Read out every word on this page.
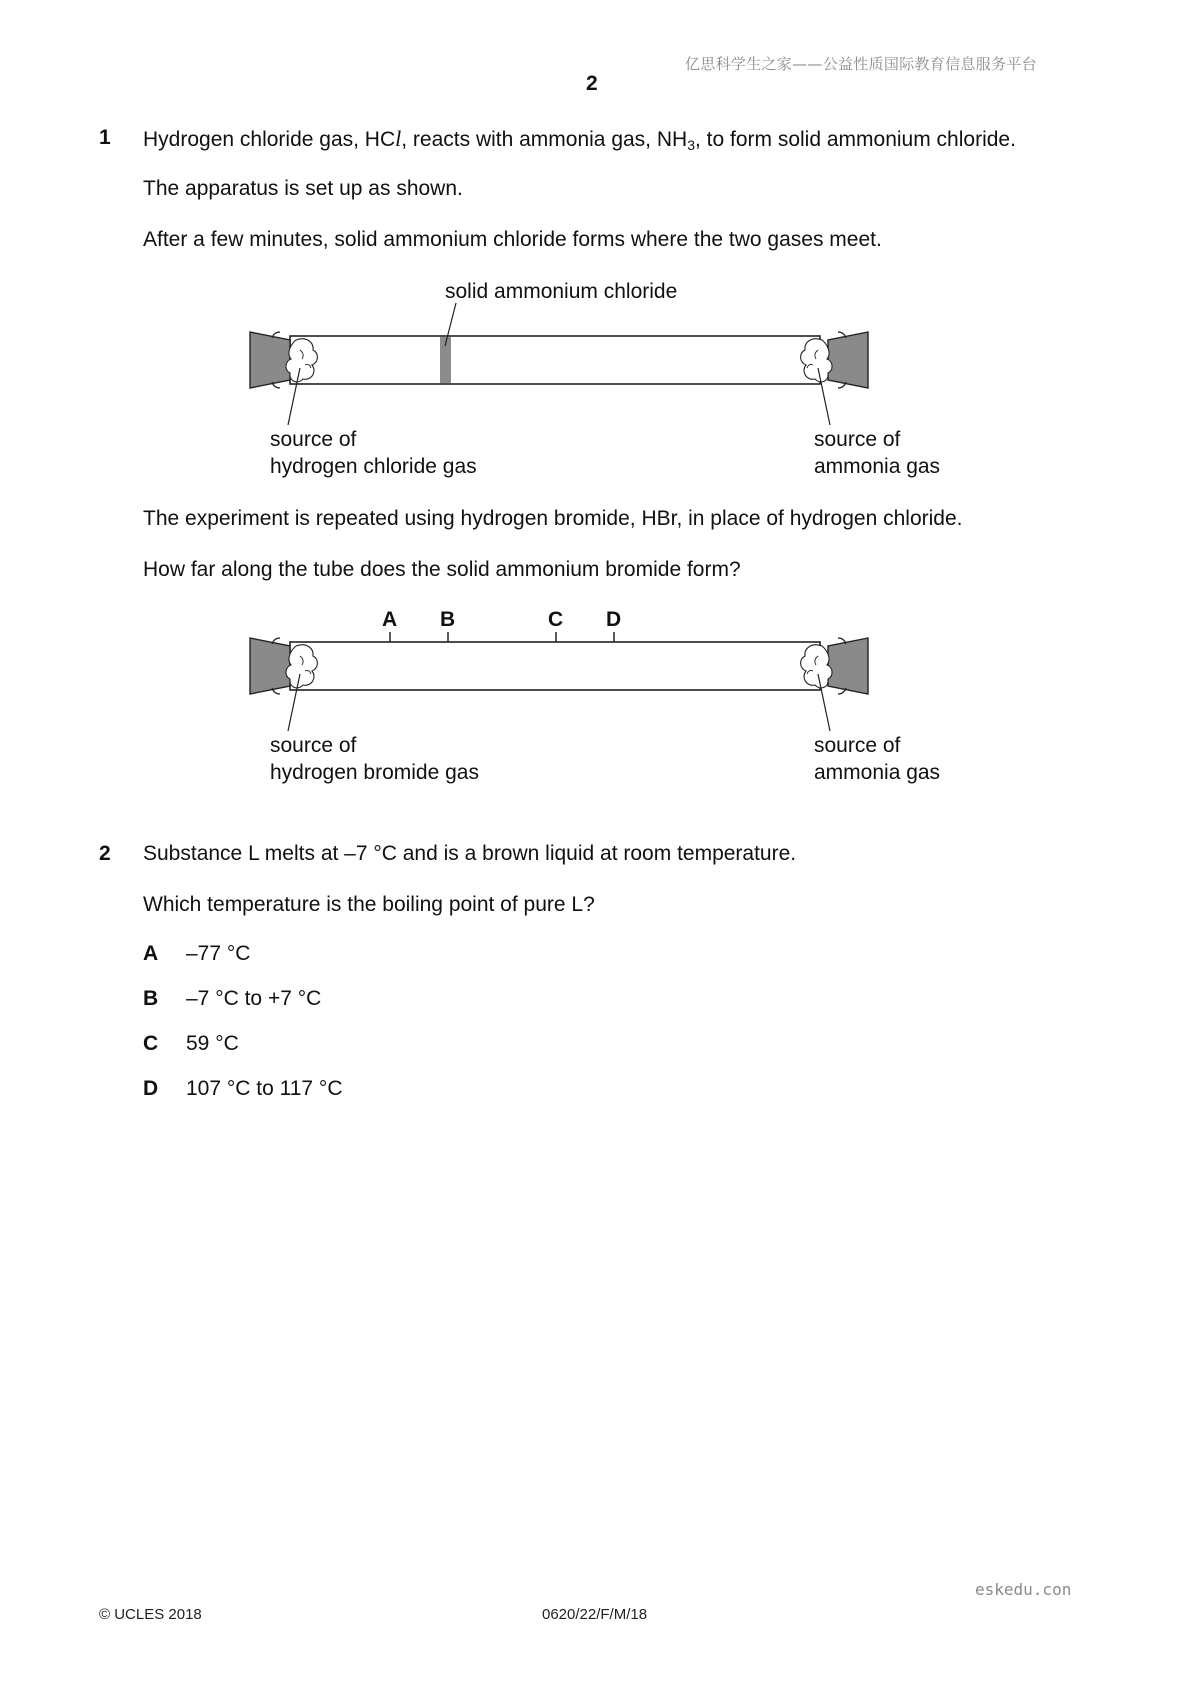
亿思科学生之家——公益性质国际教育信息服务平台
2
1 Hydrogen chloride gas, HCl, reacts with ammonia gas, $NH_3$, to form solid ammonium chloride.
The apparatus is set up as shown.
After a few minutes, solid ammonium chloride forms where the two gases meet.
solid ammonium chloride
source of
hydrogen chloride gas
source of
ammonia gas
The experiment is repeated using hydrogen bromide, HBr, in place of hydrogen chloride.
How far along the tube does the solid ammonium bromide form?
A B	C D
source of
hydrogen bromide gas
source of
ammonia gas
2 Substance L melts at –7 °C and is a brown liquid at room temperature.
Which temperature is the boiling point of pure L?
A –77 °C
B –7 °C to +7 °C
C 59 °C
D 107 °C to 117 °C
eskedu.con
© UCLES 2018	0620/22/F/M/18
